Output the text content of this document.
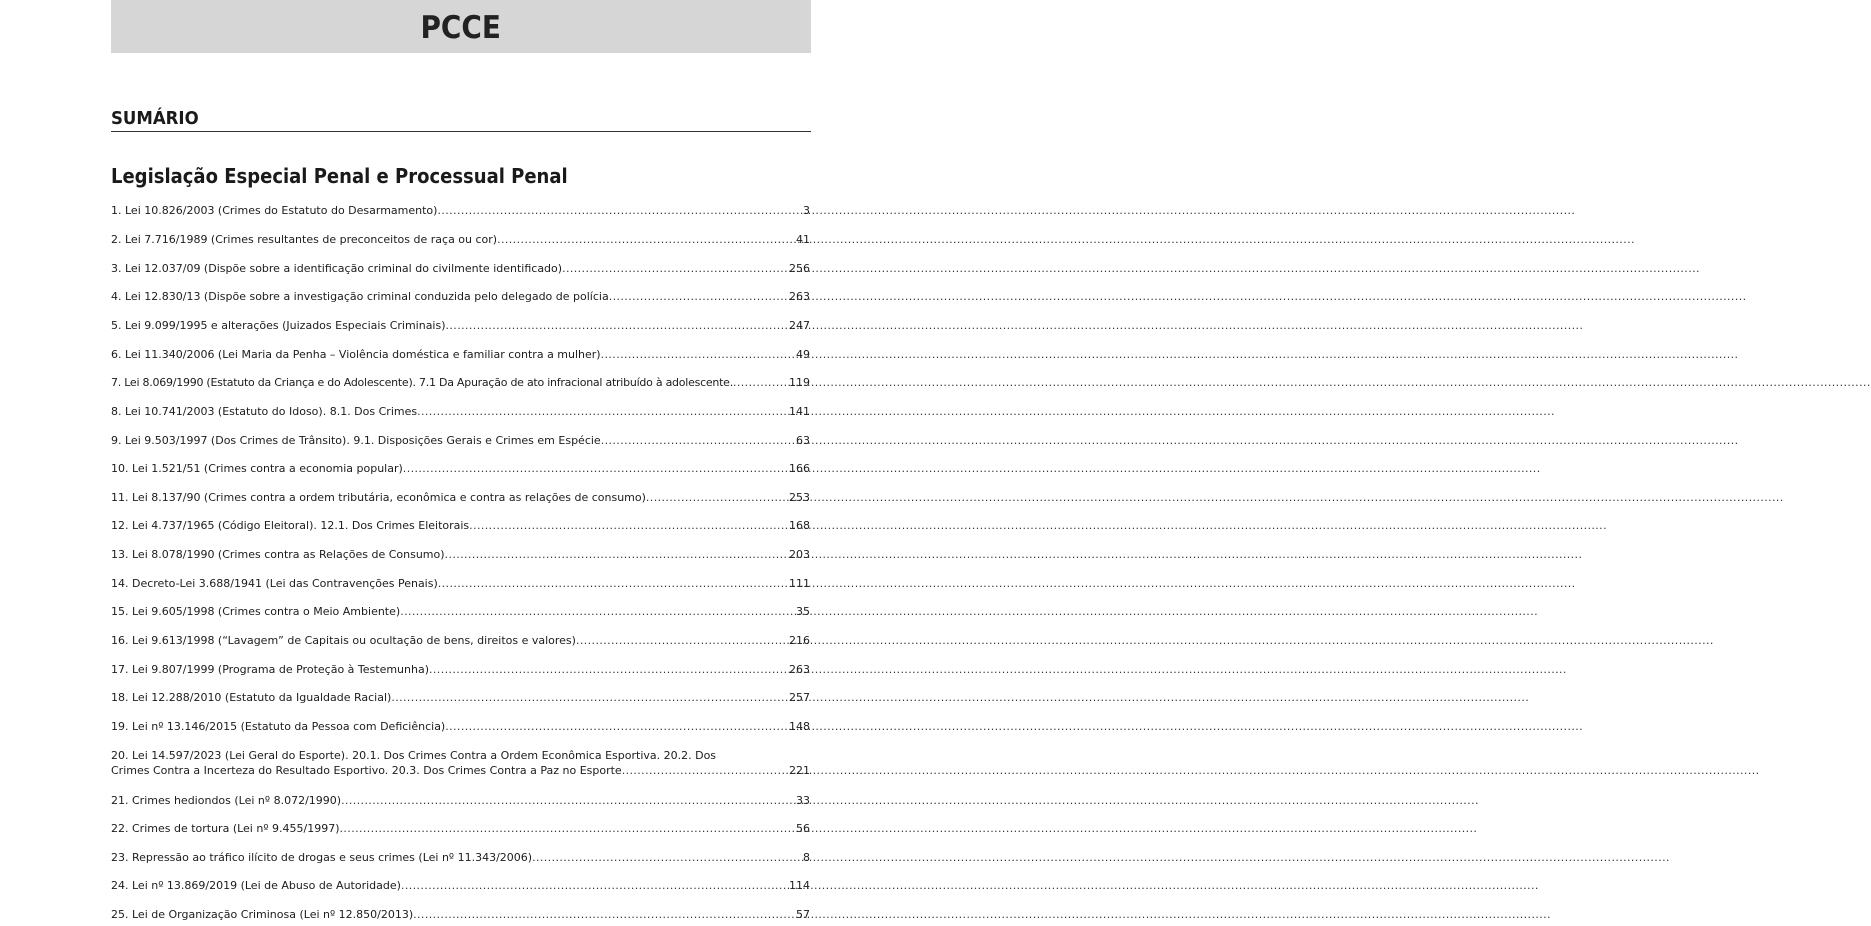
PCCE
SUMÁRIO
Legislação Especial Penal e Processual Penal
1. Lei 10.826/2003 (Crimes do Estatuto do Desarmamento) .....	3
2. Lei 7.716/1989 (Crimes resultantes de preconceitos de raça ou cor) .....	41
3. Lei 12.037/09 (Dispõe sobre a identificação criminal do civilmente identificado) .....	256
4. Lei 12.830/13 (Dispõe sobre a investigação criminal conduzida pelo delegado de polícia .....	263
5. Lei 9.099/1995 e alterações (Juizados Especiais Criminais) .....	247
6. Lei 11.340/2006 (Lei Maria da Penha – Violência doméstica e familiar contra a mulher) .....	49
7. Lei 8.069/1990 (Estatuto da Criança e do Adolescente). 7.1 Da Apuração de ato infracional atribuído à adolescente. .....	119
8. Lei 10.741/2003 (Estatuto do Idoso). 8.1. Dos Crimes .....	141
9. Lei 9.503/1997 (Dos Crimes de Trânsito). 9.1. Disposições Gerais e Crimes em Espécie .....	63
10. Lei 1.521/51 (Crimes contra a economia popular) .....	166
11. Lei 8.137/90 (Crimes contra a ordem tributária, econômica e contra as relações de consumo) .....	253
12. Lei 4.737/1965 (Código Eleitoral). 12.1. Dos Crimes Eleitorais .....	168
13. Lei 8.078/1990 (Crimes contra as Relações de Consumo) .....	203
14. Decreto-Lei 3.688/1941 (Lei das Contravenções Penais) .....	111
15. Lei 9.605/1998 (Crimes contra o Meio Ambiente) .....	35
16. Lei 9.613/1998 (“Lavagem” de Capitais ou ocultação de bens, direitos e valores) .....	216
17. Lei 9.807/1999 (Programa de Proteção à Testemunha) .....	263
18. Lei 12.288/2010 (Estatuto da Igualdade Racial) .....	257
19. Lei nº 13.146/2015 (Estatuto da Pessoa com Deficiência) .....	148
20. Lei 14.597/2023 (Lei Geral do Esporte). 20.1. Dos Crimes Contra a Ordem Econômica Esportiva. 20.2. Dos
Crimes Contra a Incerteza do Resultado Esportivo. 20.3. Dos Crimes Contra a Paz no Esporte .....	221
21. Crimes hediondos (Lei nº 8.072/1990) .....	33
22. Crimes de tortura (Lei nº 9.455/1997) .....	56
23. Repressão ao tráfico ilícito de drogas e seus crimes (Lei nº 11.343/2006) .....	8
24. Lei nº 13.869/2019 (Lei de Abuso de Autoridade) .....	114
25. Lei de Organização Criminosa (Lei nº 12.850/2013) .....	57
